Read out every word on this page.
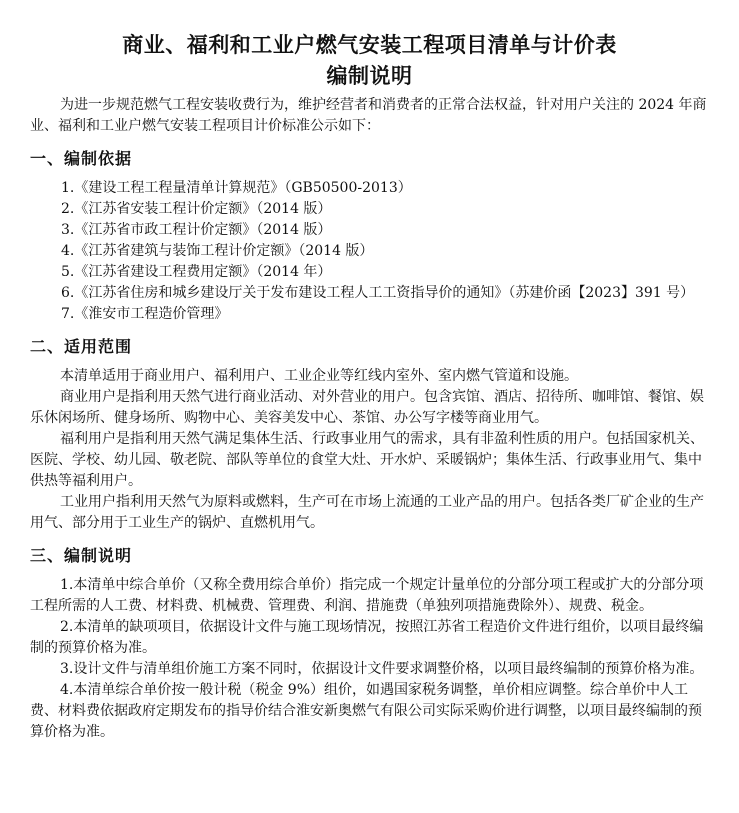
商业、福利和工业户燃气安装工程项目清单与计价表
编制说明

为进一步规范燃气工程安装收费行为，维护经营者和消费者的正常合法权益，针对用户关注的 2024 年商业、福利和工业户燃气安装工程项目计价标准公示如下：

一、编制依据
1.《建设工程工程量清单计算规范》（GB50500-2013）
2.《江苏省安装工程计价定额》（2014 版）
3.《江苏省市政工程计价定额》（2014 版）
4.《江苏省建筑与装饰工程计价定额》（2014 版）
5.《江苏省建设工程费用定额》（2014 年）
6.《江苏省住房和城乡建设厅关于发布建设工程人工工资指导价的通知》（苏建价函【2023】391 号）
7.《淮安市工程造价管理》
二、适用范围

本清单适用于商业用户、福利用户、工业企业等红线内室外、室内燃气管道和设施。

商业用户是指利用天然气进行商业活动、对外营业的用户。包含宾馆、酒店、招待所、咖啡馆、餐馆、娱乐休闲场所、健身场所、购物中心、美容美发中心、茶馆、办公写字楼等商业用气。

福利用户是指利用天然气满足集体生活、行政事业用气的需求，具有非盈利性质的用户。包括国家机关、医院、学校、幼儿园、敬老院、部队等单位的食堂大灶、开水炉、采暖锅炉；集体生活、行政事业用气、集中供热等福利用户。

工业用户指利用天然气为原料或燃料，生产可在市场上流通的工业产品的用户。包括各类厂矿企业的生产用气、部分用于工业生产的锅炉、直燃机用气。

三、编制说明

1.本清单中综合单价（又称全费用综合单价）指完成一个规定计量单位的分部分项工程或扩大的分部分项工程所需的人工费、材料费、机械费、管理费、利润、措施费（单独列项措施费除外）、规费、税金。

2.本清单的缺项项目，依据设计文件与施工现场情况，按照江苏省工程造价文件进行组价，以项目最终编制的预算价格为准。

3.设计文件与清单组价施工方案不同时，依据设计文件要求调整价格，以项目最终编制的预算价格为准。

4.本清单综合单价按一般计税（税金 9%）组价，如遇国家税务调整，单价相应调整。综合单价中人工费、材料费依据政府定期发布的指导价结合淮安新奥燃气有限公司实际采购价进行调整，以项目最终编制的预算价格为准。
